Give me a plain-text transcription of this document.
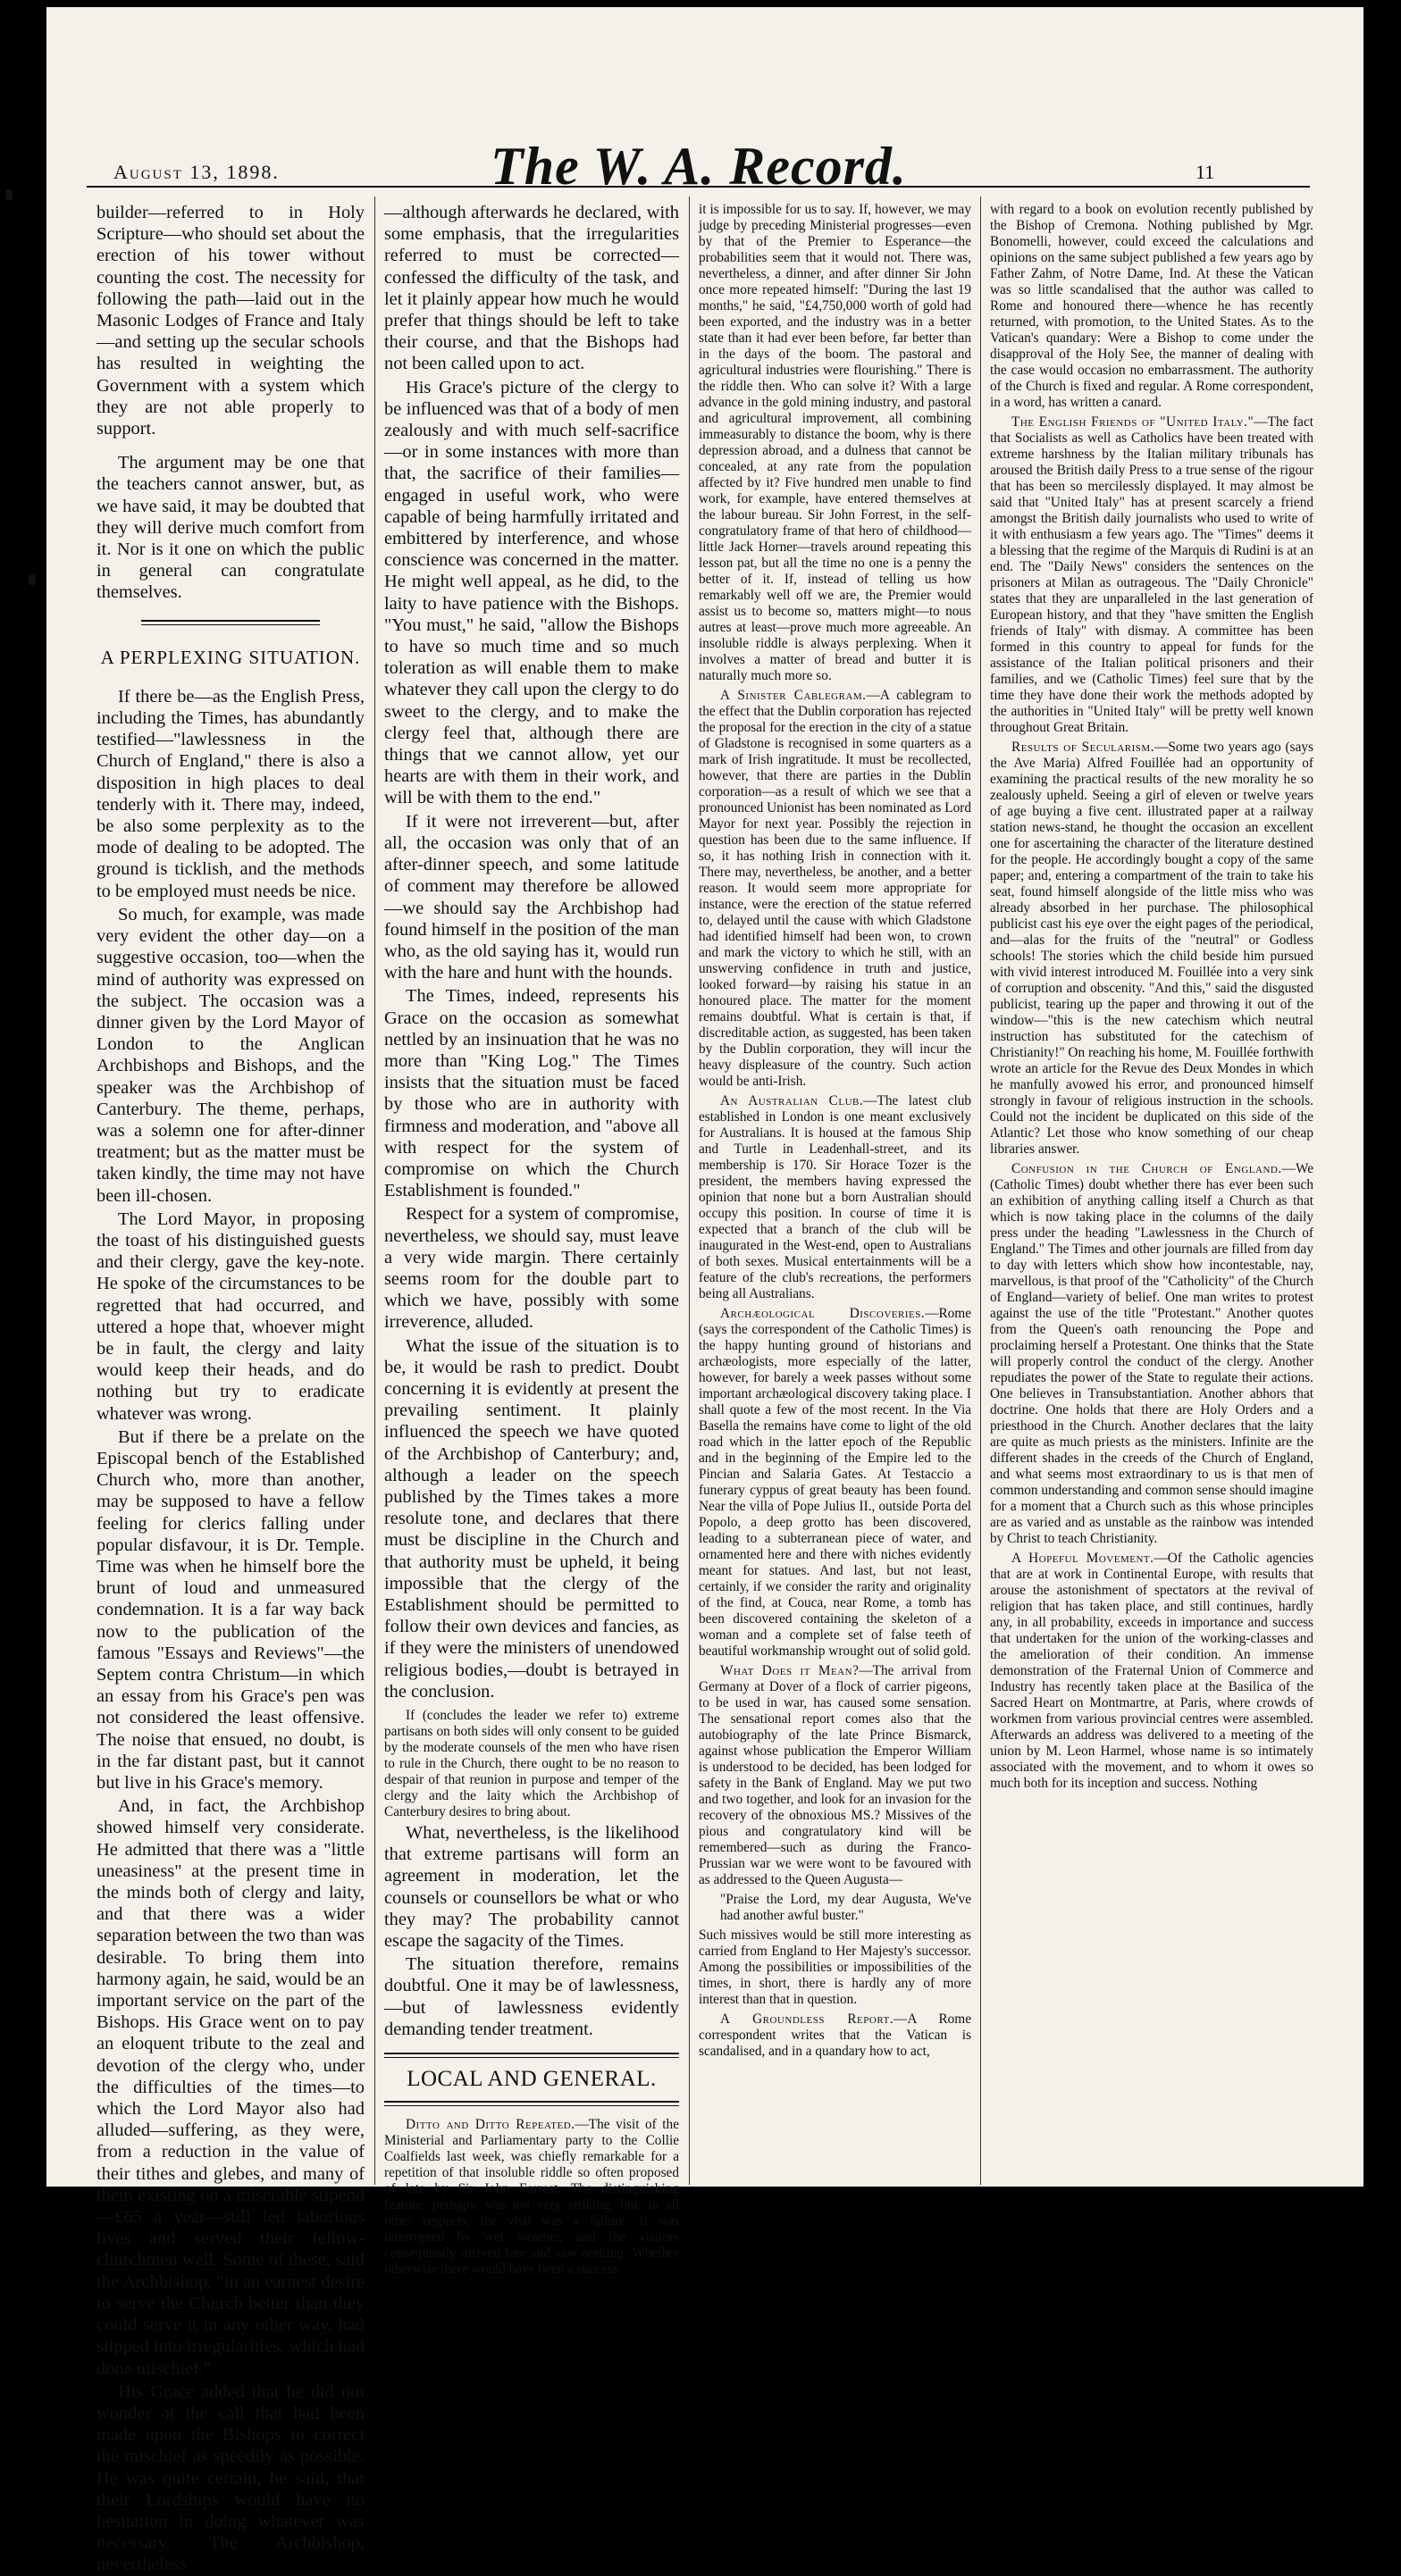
August 13, 1898.	The W. A. Record.	11

builder—referred to in Holy Scripture—who should set about the erection of his tower without counting the cost. The necessity for following the path—laid out in the Masonic Lodges of France and Italy—and setting up the secular schools has resulted in weighting the Government with a system which they are not able properly to support.

The argument may be one that the teachers cannot answer, but, as we have said, it may be doubted that they will derive much comfort from it. Nor is it one on which the public in general can congratulate themselves.

A PERPLEXING SITUATION.

If there be—as the English Press, including the Times, has abundantly testified—"lawlessness in the Church of England," there is also a disposition in high places to deal tenderly with it. There may, indeed, be also some perplexity as to the mode of dealing to be adopted. The ground is ticklish, and the methods to be employed must needs be nice.

So much, for example, was made very evident the other day—on a suggestive occasion, too—when the mind of authority was expressed on the subject. The occasion was a dinner given by the Lord Mayor of London to the Anglican Archbishops and Bishops, and the speaker was the Archbishop of Canterbury. The theme, perhaps, was a solemn one for after-dinner treatment; but as the matter must be taken kindly, the time may not have been ill-chosen.

The Lord Mayor, in proposing the toast of his distinguished guests and their clergy, gave the key-note. He spoke of the circumstances to be regretted that had occurred, and uttered a hope that, whoever might be in fault, the clergy and laity would keep their heads, and do nothing but try to eradicate whatever was wrong.

But if there be a prelate on the Episcopal bench of the Established Church who, more than another, may be supposed to have a fellow feeling for clerics falling under popular disfavour, it is Dr. Temple. Time was when he himself bore the brunt of loud and unmeasured condemnation. It is a far way back now to the publication of the famous "Essays and Reviews"—the Septem contra Christum—in which an essay from his Grace's pen was not considered the least offensive. The noise that ensued, no doubt, is in the far distant past, but it cannot but live in his Grace's memory.

And, in fact, the Archbishop showed himself very considerate. He admitted that there was a "little uneasiness" at the present time in the minds both of clergy and laity, and that there was a wider separation between the two than was desirable. To bring them into harmony again, he said, would be an important service on the part of the Bishops. His Grace went on to pay an eloquent tribute to the zeal and devotion of the clergy who, under the difficulties of the times—to which the Lord Mayor also had alluded—suffering, as they were, from a reduction in the value of their tithes and glebes, and many of them existing on a miserable stipend—£65 a year—still led laborious lives and served their fellow-churchmen well. Some of these, said the Archbishop, "in an earnest desire to serve the Church better than they could serve it in any other way, had slipped into irregularities, which had done mischief."

His Grace added that he did not wonder at the call that had been made upon the Bishops to correct the mischief as speedily as possible. He was quite certain, he said, that their Lordships would have no hesitation in doing whatever was necessary. The Archbishop, nevertheless

—although afterwards he declared, with some emphasis, that the irregularities referred to must be corrected—confessed the difficulty of the task, and let it plainly appear how much he would prefer that things should be left to take their course, and that the Bishops had not been called upon to act.

His Grace's picture of the clergy to be influenced was that of a body of men zealously and with much self-sacrifice—or in some instances with more than that, the sacrifice of their families—engaged in useful work, who were capable of being harmfully irritated and embittered by interference, and whose conscience was concerned in the matter. He might well appeal, as he did, to the laity to have patience with the Bishops. "You must," he said, "allow the Bishops to have so much time and so much toleration as will enable them to make whatever they call upon the clergy to do sweet to the clergy, and to make the clergy feel that, although there are things that we cannot allow, yet our hearts are with them in their work, and will be with them to the end."

If it were not irreverent—but, after all, the occasion was only that of an after-dinner speech, and some latitude of comment may therefore be allowed—we should say the Archbishop had found himself in the position of the man who, as the old saying has it, would run with the hare and hunt with the hounds.

The Times, indeed, represents his Grace on the occasion as somewhat nettled by an insinuation that he was no more than "King Log." The Times insists that the situation must be faced by those who are in authority with firmness and moderation, and "above all with respect for the system of compromise on which the Church Establishment is founded."

Respect for a system of compromise, nevertheless, we should say, must leave a very wide margin. There certainly seems room for the double part to which we have, possibly with some irreverence, alluded.

What the issue of the situation is to be, it would be rash to predict. Doubt concerning it is evidently at present the prevailing sentiment. It plainly influenced the speech we have quoted of the Archbishop of Canterbury; and, although a leader on the speech published by the Times takes a more resolute tone, and declares that there must be discipline in the Church and that authority must be upheld, it being impossible that the clergy of the Establishment should be permitted to follow their own devices and fancies, as if they were the ministers of unendowed religious bodies,—doubt is betrayed in the conclusion.

If (concludes the leader we refer to) extreme partisans on both sides will only consent to be guided by the moderate counsels of the men who have risen to rule in the Church, there ought to be no reason to despair of that reunion in purpose and temper of the clergy and the laity which the Archbishop of Canterbury desires to bring about.

What, nevertheless, is the likelihood that extreme partisans will form an agreement in moderation, let the counsels or counsellors be what or who they may? The probability cannot escape the sagacity of the Times.

The situation therefore, remains doubtful. One it may be of lawlessness,—but of lawlessness evidently demanding tender treatment.

LOCAL AND GENERAL.

Ditto and Ditto Repeated.—The visit of the Ministerial and Parliamentary party to the Collie Coalfields last week, was chiefly remarkable for a repetition of that insoluble riddle so often proposed of late by Sir John Forrest. The distinguishing feature, perhaps, was not very striking, but, in all other respects, the visit was a failure. It was interrupted by wet weather, and the visitors consequently arrived late and saw nothing. Whether otherwise there would have been a success

it is impossible for us to say. If, however, we may judge by preceding Ministerial progresses—even by that of the Premier to Esperance—the probabilities seem that it would not. There was, nevertheless, a dinner, and after dinner Sir John once more repeated himself: "During the last 19 months," he said, "£4,750,000 worth of gold had been exported, and the industry was in a better state than it had ever been before, far better than in the days of the boom. The pastoral and agricultural industries were flourishing." There is the riddle then. Who can solve it? With a large advance in the gold mining industry, and pastoral and agricultural improvement, all combining immeasurably to distance the boom, why is there depression abroad, and a dulness that cannot be concealed, at any rate from the population affected by it? Five hundred men unable to find work, for example, have entered themselves at the labour bureau. Sir John Forrest, in the self-congratulatory frame of that hero of childhood—little Jack Horner—travels around repeating this lesson pat, but all the time no one is a penny the better of it. If, instead of telling us how remarkably well off we are, the Premier would assist us to become so, matters might—to nous autres at least—prove much more agreeable. An insoluble riddle is always perplexing. When it involves a matter of bread and butter it is naturally much more so.

A Sinister Cablegram.—A cablegram to the effect that the Dublin corporation has rejected the proposal for the erection in the city of a statue of Gladstone is recognised in some quarters as a mark of Irish ingratitude. It must be recollected, however, that there are parties in the Dublin corporation—as a result of which we see that a pronounced Unionist has been nominated as Lord Mayor for next year. Possibly the rejection in question has been due to the same influence. If so, it has nothing Irish in connection with it. There may, nevertheless, be another, and a better reason. It would seem more appropriate for instance, were the erection of the statue referred to, delayed until the cause with which Gladstone had identified himself had been won, to crown and mark the victory to which he still, with an unswerving confidence in truth and justice, looked forward—by raising his statue in an honoured place. The matter for the moment remains doubtful. What is certain is that, if discreditable action, as suggested, has been taken by the Dublin corporation, they will incur the heavy displeasure of the country. Such action would be anti-Irish.

An Australian Club.—The latest club established in London is one meant exclusively for Australians. It is housed at the famous Ship and Turtle in Leadenhall-street, and its membership is 170. Sir Horace Tozer is the president, the members having expressed the opinion that none but a born Australian should occupy this position. In course of time it is expected that a branch of the club will be inaugurated in the West-end, open to Australians of both sexes. Musical entertainments will be a feature of the club's recreations, the performers being all Australians.

Archæological Discoveries.—Rome (says the correspondent of the Catholic Times) is the happy hunting ground of historians and archæologists, more especially of the latter, however, for barely a week passes without some important archæological discovery taking place. I shall quote a few of the most recent. In the Via Basella the remains have come to light of the old road which in the latter epoch of the Republic and in the beginning of the Empire led to the Pincian and Salaria Gates. At Testaccio a funerary cyppus of great beauty has been found. Near the villa of Pope Julius II., outside Porta del Popolo, a deep grotto has been discovered, leading to a subterranean piece of water, and ornamented here and there with niches evidently meant for statues. And last, but not least, certainly, if we consider the rarity and originality of the find, at Couca, near Rome, a tomb has been discovered containing the skeleton of a woman and a complete set of false teeth of beautiful workmanship wrought out of solid gold.

What Does it Mean?—The arrival from Germany at Dover of a flock of carrier pigeons, to be used in war, has caused some sensation. The sensational report comes also that the autobiography of the late Prince Bismarck, against whose publication the Emperor William is understood to be decided, has been lodged for safety in the Bank of England. May we put two and two together, and look for an invasion for the recovery of the obnoxious MS.? Missives of the pious and congratulatory kind will be remembered—such as during the Franco-Prussian war we were wont to be favoured with as addressed to the Queen Augusta—

"Praise the Lord, my dear Augusta, We've had another awful buster."

Such missives would be still more interesting as carried from England to Her Majesty's successor. Among the possibilities or impossibilities of the times, in short, there is hardly any of more interest than that in question.

A Groundless Report.—A Rome correspondent writes that the Vatican is scandalised, and in a quandary how to act,

with regard to a book on evolution recently published by the Bishop of Cremona. Nothing published by Mgr. Bonomelli, however, could exceed the calculations and opinions on the same subject published a few years ago by Father Zahm, of Notre Dame, Ind. At these the Vatican was so little scandalised that the author was called to Rome and honoured there—whence he has recently returned, with promotion, to the United States. As to the Vatican's quandary: Were a Bishop to come under the disapproval of the Holy See, the manner of dealing with the case would occasion no embarrassment. The authority of the Church is fixed and regular. A Rome correspondent, in a word, has written a canard.

The English Friends of "United Italy."—The fact that Socialists as well as Catholics have been treated with extreme harshness by the Italian military tribunals has aroused the British daily Press to a true sense of the rigour that has been so mercilessly displayed. It may almost be said that "United Italy" has at present scarcely a friend amongst the British daily journalists who used to write of it with enthusiasm a few years ago. The "Times" deems it a blessing that the regime of the Marquis di Rudini is at an end. The "Daily News" considers the sentences on the prisoners at Milan as outrageous. The "Daily Chronicle" states that they are unparalleled in the last generation of European history, and that they "have smitten the English friends of Italy" with dismay. A committee has been formed in this country to appeal for funds for the assistance of the Italian political prisoners and their families, and we (Catholic Times) feel sure that by the time they have done their work the methods adopted by the authorities in "United Italy" will be pretty well known throughout Great Britain.

Results of Secularism.—Some two years ago (says the Ave Maria) Alfred Fouillée had an opportunity of examining the practical results of the new morality he so zealously upheld. Seeing a girl of eleven or twelve years of age buying a five cent. illustrated paper at a railway station news-stand, he thought the occasion an excellent one for ascertaining the character of the literature destined for the people. He accordingly bought a copy of the same paper; and, entering a compartment of the train to take his seat, found himself alongside of the little miss who was already absorbed in her purchase. The philosophical publicist cast his eye over the eight pages of the periodical, and—alas for the fruits of the "neutral" or Godless schools! The stories which the child beside him pursued with vivid interest introduced M. Fouillée into a very sink of corruption and obscenity. "And this," said the disgusted publicist, tearing up the paper and throwing it out of the window—"this is the new catechism which neutral instruction has substituted for the catechism of Christianity!" On reaching his home, M. Fouillée forthwith wrote an article for the Revue des Deux Mondes in which he manfully avowed his error, and pronounced himself strongly in favour of religious instruction in the schools. Could not the incident be duplicated on this side of the Atlantic? Let those who know something of our cheap libraries answer.

Confusion in the Church of England.—We (Catholic Times) doubt whether there has ever been such an exhibition of anything calling itself a Church as that which is now taking place in the columns of the daily press under the heading "Lawlessness in the Church of England." The Times and other journals are filled from day to day with letters which show how incontestable, nay, marvellous, is that proof of the "Catholicity" of the Church of England—variety of belief. One man writes to protest against the use of the title "Protestant." Another quotes from the Queen's oath renouncing the Pope and proclaiming herself a Protestant. One thinks that the State will properly control the conduct of the clergy. Another repudiates the power of the State to regulate their actions. One believes in Transubstantiation. Another abhors that doctrine. One holds that there are Holy Orders and a priesthood in the Church. Another declares that the laity are quite as much priests as the ministers. Infinite are the different shades in the creeds of the Church of England, and what seems most extraordinary to us is that men of common understanding and common sense should imagine for a moment that a Church such as this whose principles are as varied and as unstable as the rainbow was intended by Christ to teach Christianity.

A Hopeful Movement.—Of the Catholic agencies that are at work in Continental Europe, with results that arouse the astonishment of spectators at the revival of religion that has taken place, and still continues, hardly any, in all probability, exceeds in importance and success that undertaken for the union of the working-classes and the amelioration of their condition. An immense demonstration of the Fraternal Union of Commerce and Industry has recently taken place at the Basilica of the Sacred Heart on Montmartre, at Paris, where crowds of workmen from various provincial centres were assembled. Afterwards an address was delivered to a meeting of the union by M. Leon Harmel, whose name is so intimately associated with the movement, and to whom it owes so much both for its inception and success. Nothing
